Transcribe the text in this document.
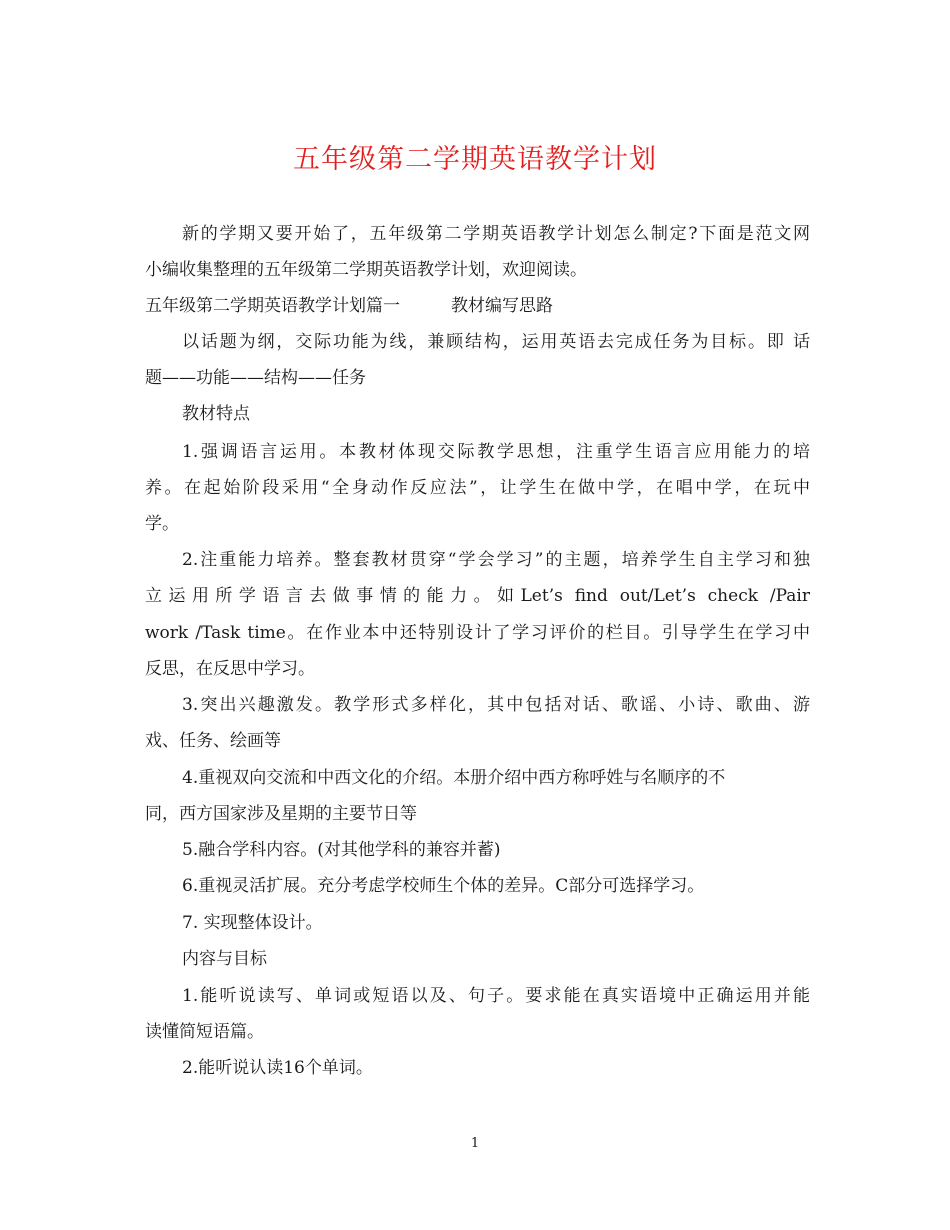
五年级第二学期英语教学计划
新的学期又要开始了，五年级第二学期英语教学计划怎么制定?下面是范文网
小编收集整理的五年级第二学期英语教学计划，欢迎阅读。
五年级第二学期英语教学计划篇一　　　教材编写思路
以话题为纲，交际功能为线，兼顾结构，运用英语去完成任务为目标。即 话
题——功能——结构——任务
教材特点
1.强调语言运用。本教材体现交际教学思想，注重学生语言应用能力的培
养。在起始阶段采用“全身动作反应法”，让学生在做中学，在唱中学，在玩中
学。
2.注重能力培养。整套教材贯穿“学会学习”的主题，培养学生自主学习和独
立运用所学语言去做事情的能力。如Let’s find out/Let’s check /Pair
work /Task time。在作业本中还特别设计了学习评价的栏目。引导学生在学习中
反思，在反思中学习。
3.突出兴趣激发。教学形式多样化，其中包括对话、歌谣、小诗、歌曲、游
戏、任务、绘画等
4.重视双向交流和中西文化的介绍。本册介绍中西方称呼姓与名顺序的不
同，西方国家涉及星期的主要节日等
5.融合学科内容。(对其他学科的兼容并蓄)
6.重视灵活扩展。充分考虑学校师生个体的差异。C部分可选择学习。
7. 实现整体设计。
内容与目标
1.能听说读写、单词或短语以及、句子。要求能在真实语境中正确运用并能
读懂简短语篇。
2.能听说认读16个单词。
1
